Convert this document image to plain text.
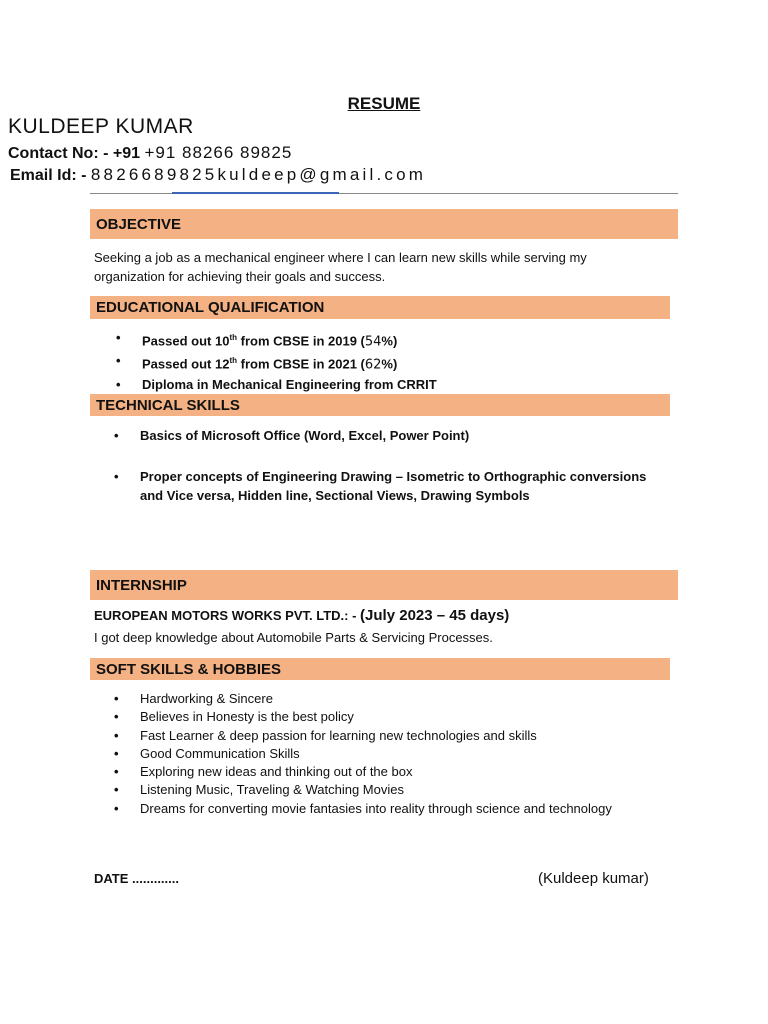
RESUME
KULDEEP KUMAR
Contact No: - +91 +91 88266 89825
Email Id: - 8826689825kuldeep@gmail.com
OBJECTIVE
Seeking a job as a mechanical engineer where I can learn new skills while serving my
organization for achieving their goals and success.
EDUCATIONAL QUALIFICATION
• Passed out 10th from CBSE in 2019 (54%)
• Passed out 12th from CBSE in 2021 (62%)
• Diploma in Mechanical Engineering from CRRIT
TECHNICAL SKILLS
• Basics of Microsoft Office (Word, Excel, Power Point)
• Proper concepts of Engineering Drawing – Isometric to Orthographic conversions
and Vice versa, Hidden line, Sectional Views, Drawing Symbols
INTERNSHIP
EUROPEAN MOTORS WORKS PVT. LTD.: - (July 2023 – 45 days)
I got deep knowledge about Automobile Parts & Servicing Processes.
SOFT SKILLS & HOBBIES
• Hardworking & Sincere
• Believes in Honesty is the best policy
• Fast Learner & deep passion for learning new technologies and skills
• Good Communication Skills
• Exploring new ideas and thinking out of the box
• Listening Music, Traveling & Watching Movies
• Dreams for converting movie fantasies into reality through science and technology
DATE .............	(Kuldeep kumar)
